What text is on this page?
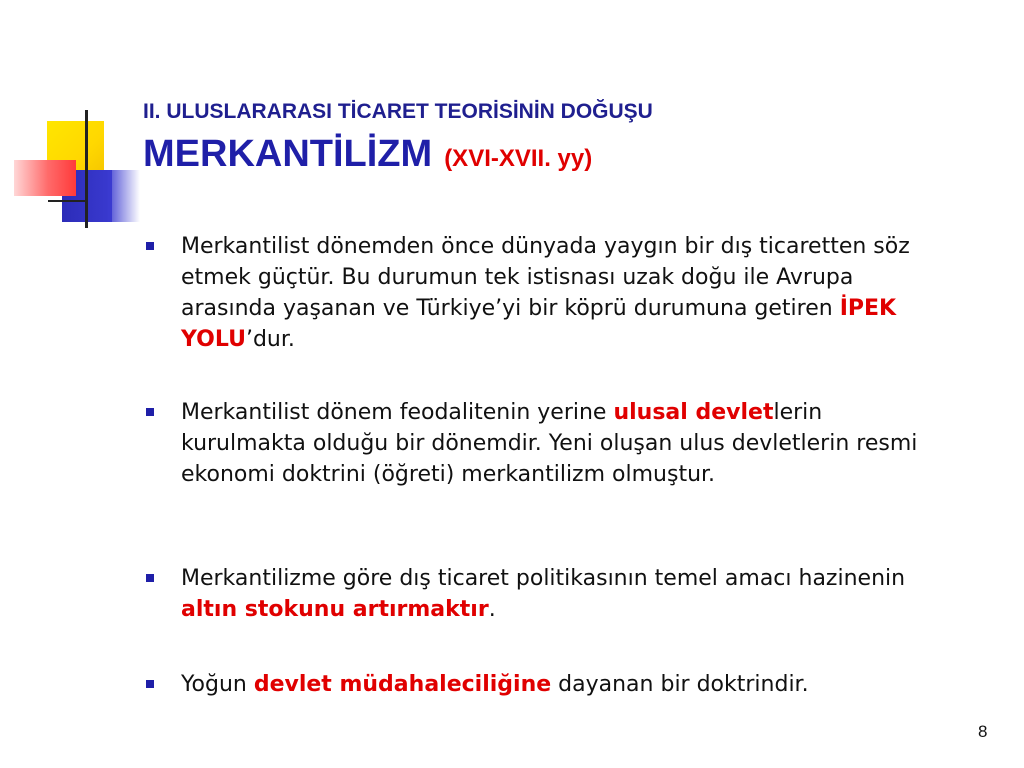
II. ULUSLARARASI TİCARET TEORİSİNİN DOĞUŞU
MERKANTİLİZM (XVI-XVII. yy)
Merkantilist dönemden önce dünyada yaygın bir dış ticaretten söz etmek güçtür. Bu durumun tek istisnası uzak doğu ile Avrupa arasında yaşanan ve Türkiye’yi bir köprü durumuna getiren İPEK YOLU’dur.
Merkantilist dönem feodalitenin yerine ulusal devletlerin kurulmakta olduğu bir dönemdir. Yeni oluşan ulus devletlerin resmi ekonomi doktrini (öğreti) merkantilizm olmuştur.
Merkantilizme göre dış ticaret politikasının temel amacı hazinenin altın stokunu artırmaktır.
Yoğun devlet müdahaleciliğine dayanan bir doktrindir.
8
